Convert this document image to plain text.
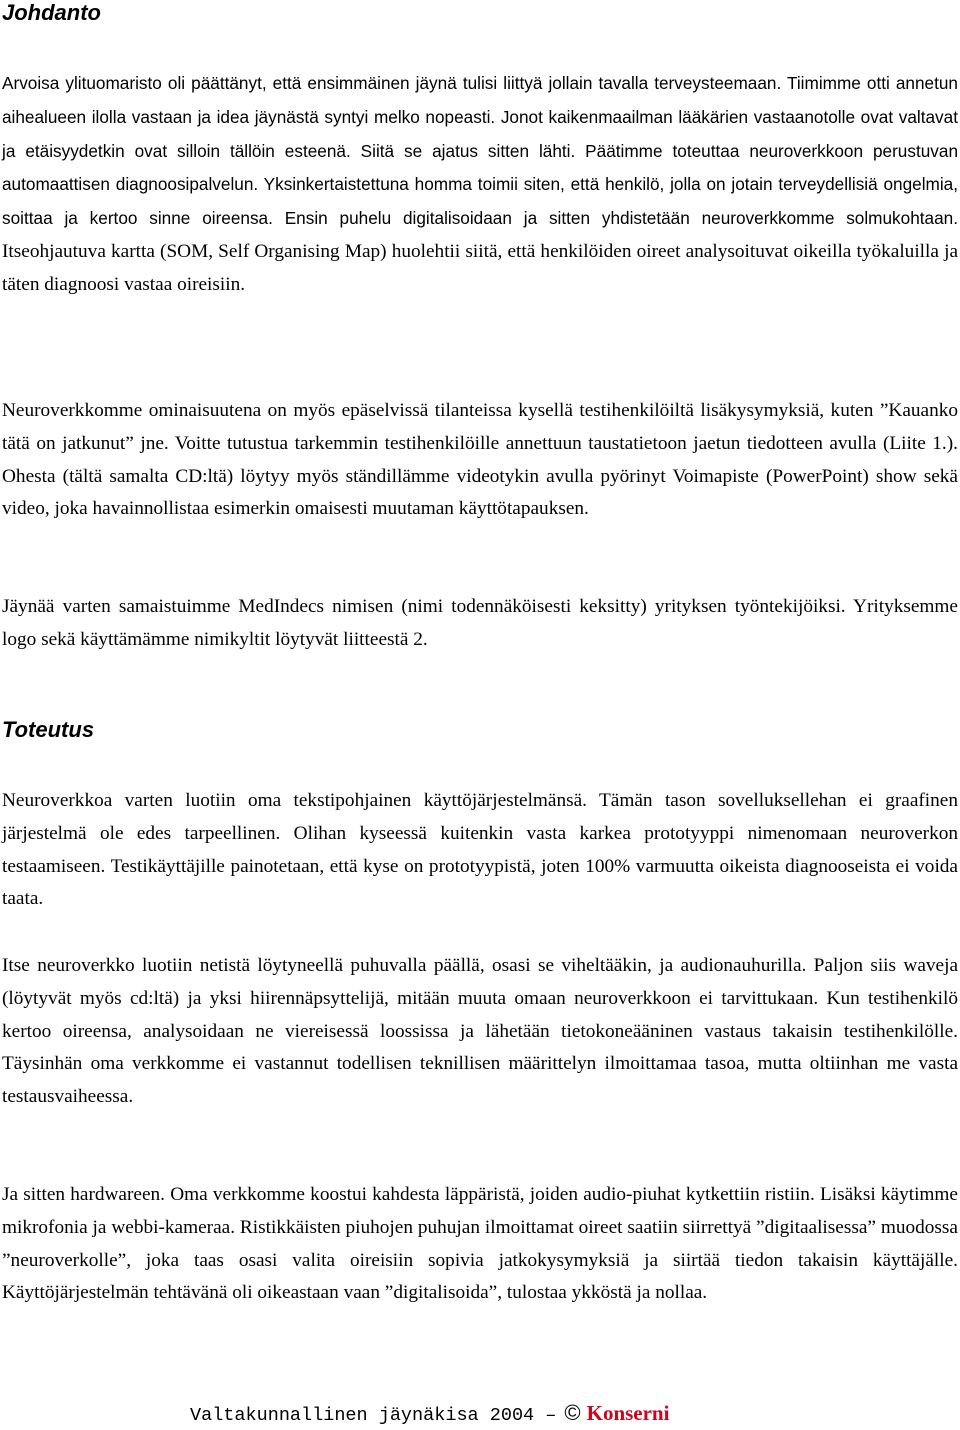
Johdanto

Arvoisa ylituomaristo oli päättänyt, että ensimmäinen jäynä tulisi liittyä jollain tavalla terveysteemaan. Tiimimme otti annetun aihealueen ilolla vastaan ja idea jäynästä syntyi melko nopeasti. Jonot kaikenmaailman lääkärien vastaanotolle ovat valtavat ja etäisyydetkin ovat silloin tällöin esteenä. Siitä se ajatus sitten lähti. Päätimme toteuttaa neuroverkkoon perustuvan automaattisen diagnoosipalvelun. Yksinkertaistettuna homma toimii siten, että henkilö, jolla on jotain terveydellisiä ongelmia, soittaa ja kertoo sinne oireensa. Ensin puhelu digitalisoidaan ja sitten yhdistetään neuroverkkomme solmukohtaan. Itseohjautuva kartta (SOM, Self Organising Map) huolehtii siitä, että henkilöiden oireet analysoituvat oikeilla työkaluilla ja täten diagnoosi vastaa oireisiin.

Neuroverkkomme ominaisuutena on myös epäselvissä tilanteissa kysellä testihenkilöiltä lisäkysymyksiä, kuten ”Kauanko tätä on jatkunut” jne. Voitte tutustua tarkemmin testihenkilöille annettuun taustatietoon jaetun tiedotteen avulla (Liite 1.). Ohesta (tältä samalta CD:ltä) löytyy myös ständillämme videotykin avulla pyörinyt Voimapiste (PowerPoint) show sekä video, joka havainnollistaa esimerkin omaisesti muutaman käyttötapauksen.

Jäynää varten samaistuimme MedIndecs nimisen (nimi todennäköisesti keksitty) yrityksen työntekijöiksi. Yrityksemme logo sekä käyttämämme nimikyltit löytyvät liitteestä 2.

Toteutus

Neuroverkkoa varten luotiin oma tekstipohjainen käyttöjärjestelmänsä. Tämän tason sovelluksellehan ei graafinen järjestelmä ole edes tarpeellinen. Olihan kyseessä kuitenkin vasta karkea prototyyppi nimenomaan neuroverkon testaamiseen. Testikäyttäjille painotetaan, että kyse on prototyypistä, joten 100% varmuutta oikeista diagnooseista ei voida taata.

Itse neuroverkko luotiin netistä löytyneellä puhuvalla päällä, osasi se viheltääkin, ja audionauhurilla. Paljon siis waveja (löytyvät myös cd:ltä) ja yksi hiirennäpsyttelijä, mitään muuta omaan neuroverkkoon ei tarvittukaan. Kun testihenkilö kertoo oireensa, analysoidaan ne viereisessä loossissa ja lähetään tietokoneääninen vastaus takaisin testihenkilölle. Täysinhän oma verkkomme ei vastannut todellisen teknillisen määrittelyn ilmoittamaa tasoa, mutta oltiinhan me vasta testausvaiheessa.

Ja sitten hardwareen. Oma verkkomme koostui kahdesta läppäristä, joiden audio-piuhat kytkettiin ristiin. Lisäksi käytimme mikrofonia ja webbi-kameraa. Ristikkäisten piuhojen puhujan ilmoittamat oireet saatiin siirrettyä ”digitaalisessa” muodossa ”neuroverkolle”, joka taas osasi valita oireisiin sopivia jatkokysymyksiä ja siirtää tiedon takaisin käyttäjälle. Käyttöjärjestelmän tehtävänä oli oikeastaan vaan ”digitalisoida”, tulostaa ykköstä ja nollaa.

Valtakunnallinen jäynäkisa 2004 – © Konserni
